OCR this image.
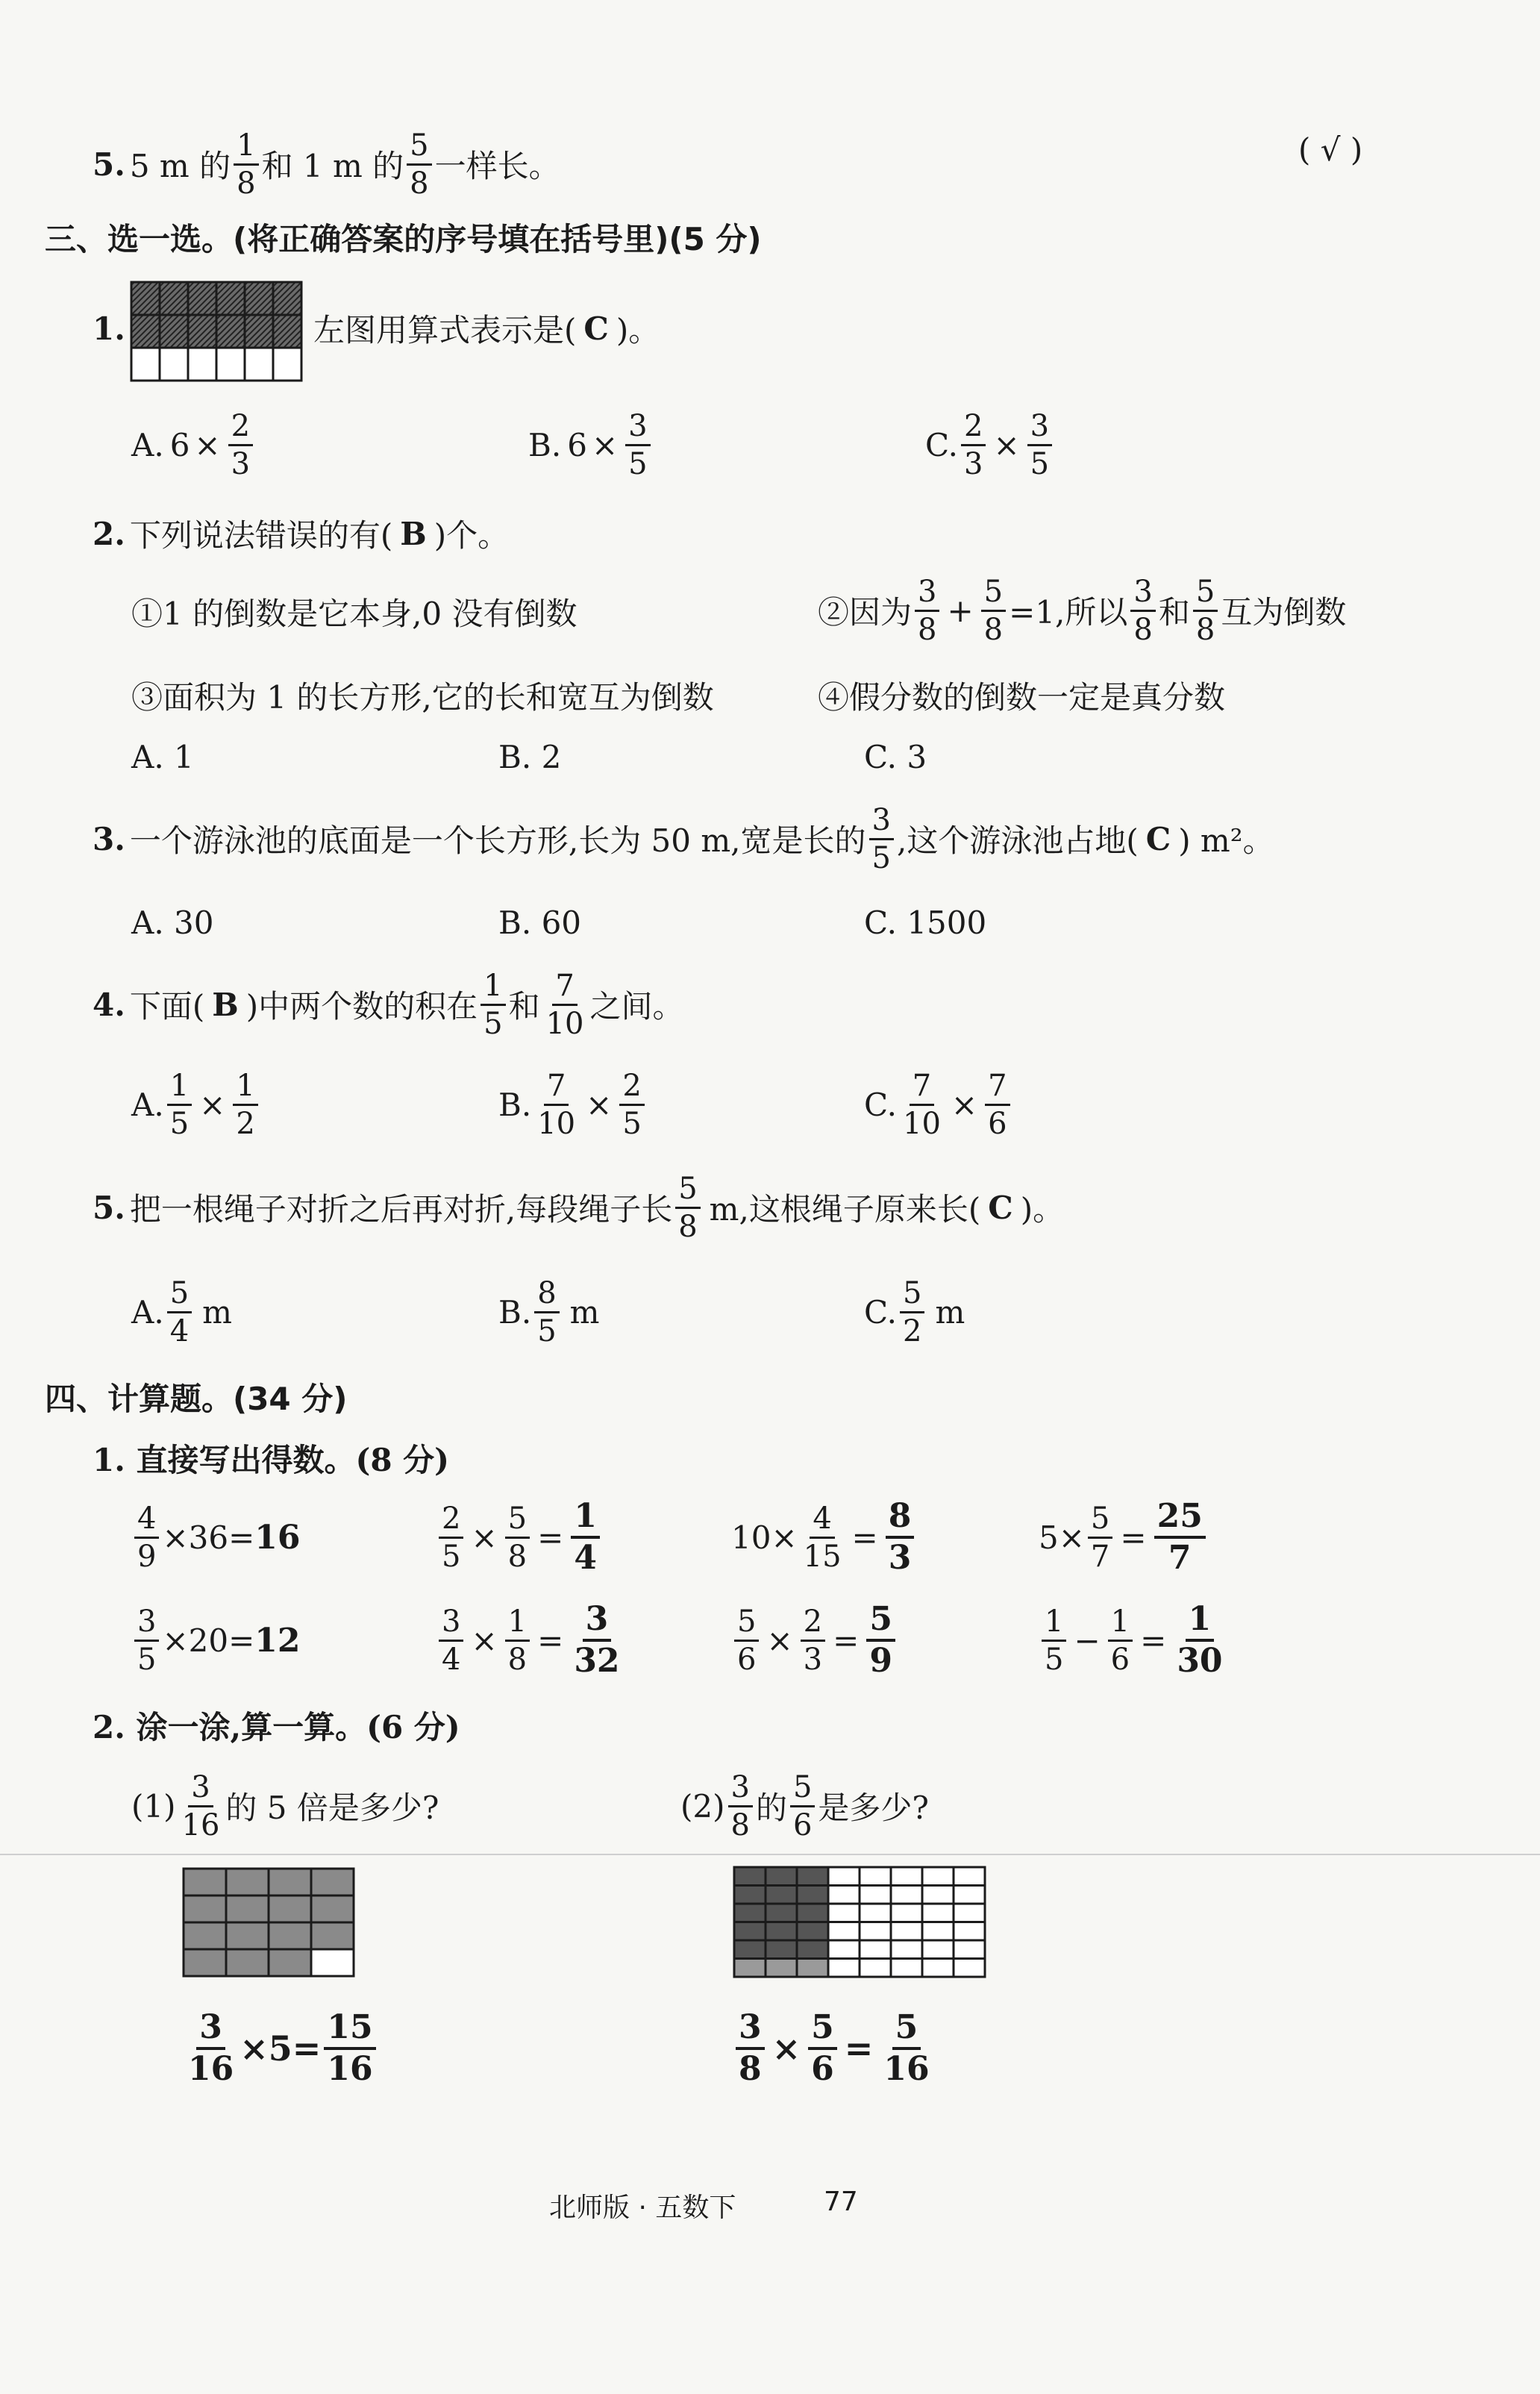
5. 5 m 的 $\frac{1}{8}$ 和 1 m 的 $\frac{5}{8}$ 一样长。	( √ )
三、选一选。(将正确答案的序号填在括号里)(5 分)
1.	左图用算式表示是( C )。
A. $6 \times \frac{2}{3}$	B. $6 \times \frac{3}{5}$	C. $\frac{2}{3} \times \frac{3}{5}$
2. 下列说法错误的有( B )个。
①1 的倒数是它本身,0 没有倒数	②因为 $\frac{3}{8} + \frac{5}{8} =1$,所以 $\frac{3}{8}$ 和 $\frac{5}{8}$ 互为倒数
③面积为 1 的长方形,它的长和宽互为倒数	④假分数的倒数一定是真分数
A. 1	B. 2	C. 3
3. 一个游泳池的底面是一个长方形,长为 50 m,宽是长的 $\frac{3}{5}$ ,这个游泳池占地( C ) m²。
A. 30	B. 60	C. 1500
4. 下面( B )中两个数的积在 $\frac{1}{5}$ 和 $\frac{7}{10}$ 之间。
A. $\frac{1}{5} \times \frac{1}{2}$	B. $\frac{7}{10} \times \frac{2}{5}$	C. $\frac{7}{10} \times \frac{7}{6}$
5. 把一根绳子对折之后再对折,每段绳子长 $\frac{5}{8} m$,这根绳子原来长( C )。
A. $\frac{5}{4}$ m	B. $\frac{8}{5}$ m	C. $\frac{5}{2}$ m
四、计算题。(34 分)
1. 直接写出得数。(8 分)
$\frac{4}{9} \times 36= 16$	$\frac{2}{5} \times \frac{5}{8} = \frac{1}{4}$	$10\times \frac{4}{15} = \frac{8}{3}$	$5\times \frac{5}{7} = \frac{25}{7}$
$\frac{3}{5} \times 20= 12$	$\frac{3}{4} \times \frac{1}{8} = \frac{3}{32}$	$\frac{5}{6} \times \frac{2}{3} = \frac{5}{9}$	$\frac{1}{5} - \frac{1}{6} = \frac{1}{30}$
2. 涂一涂,算一算。(6 分)
$(1) \frac{3}{16}$ 的 5 倍是多少?	$(2) \frac{3}{8}$ 的 $\frac{5}{6}$ 是多少?
$\frac{3}{16} \times 5= \frac{15}{16}$	$\frac{3}{8} \times \frac{5}{6} = \frac{5}{16}$
北师版 · 五数下	77
